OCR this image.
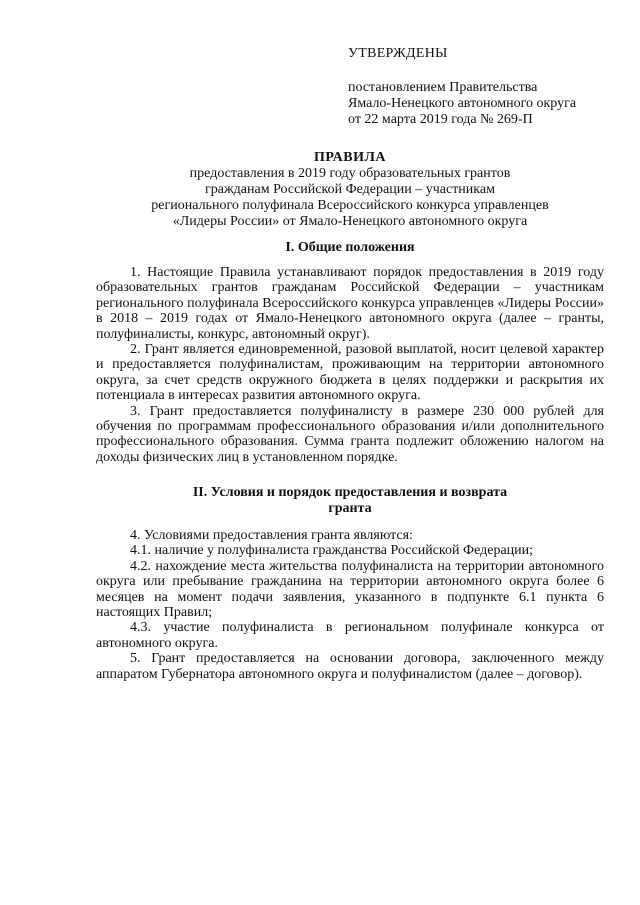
УТВЕРЖДЕНЫ
постановлением Правительства
Ямало-Ненецкого автономного округа
от 22 марта 2019 года № 269-П
ПРАВИЛА
предоставления в 2019 году образовательных грантов
гражданам Российской Федерации – участникам
регионального полуфинала Всероссийского конкурса управленцев
«Лидеры России» от Ямало-Ненецкого автономного округа
I. Общие положения

1. Настоящие Правила устанавливают порядок предоставления в 2019 году образовательных грантов гражданам Российской Федерации – участникам регионального полуфинала Всероссийского конкурса управленцев «Лидеры России» в 2018 – 2019 годах от Ямало-Ненецкого автономного округа (далее – гранты, полуфиналисты, конкурс, автономный округ).

2. Грант является единовременной, разовой выплатой, носит целевой характер и предоставляется полуфиналистам, проживающим на территории автономного округа, за счет средств окружного бюджета в целях поддержки и раскрытия их потенциала в интересах развития автономного округа.

3. Грант предоставляется полуфиналисту в размере 230 000 рублей для обучения по программам профессионального образования и/или дополнительного профессионального образования. Сумма гранта подлежит обложению налогом на доходы физических лиц в установленном порядке.

II. Условия и порядок предоставления и возврата
гранта

4. Условиями предоставления гранта являются:

4.1. наличие у полуфиналиста гражданства Российской Федерации;

4.2. нахождение места жительства полуфиналиста на территории автономного округа или пребывание гражданина на территории автономного округа более 6 месяцев на момент подачи заявления, указанного в подпункте 6.1 пункта 6 настоящих Правил;

4.3. участие полуфиналиста в региональном полуфинале конкурса от автономного округа.

5. Грант предоставляется на основании договора, заключенного между аппаратом Губернатора автономного округа и полуфиналистом (далее – договор).
